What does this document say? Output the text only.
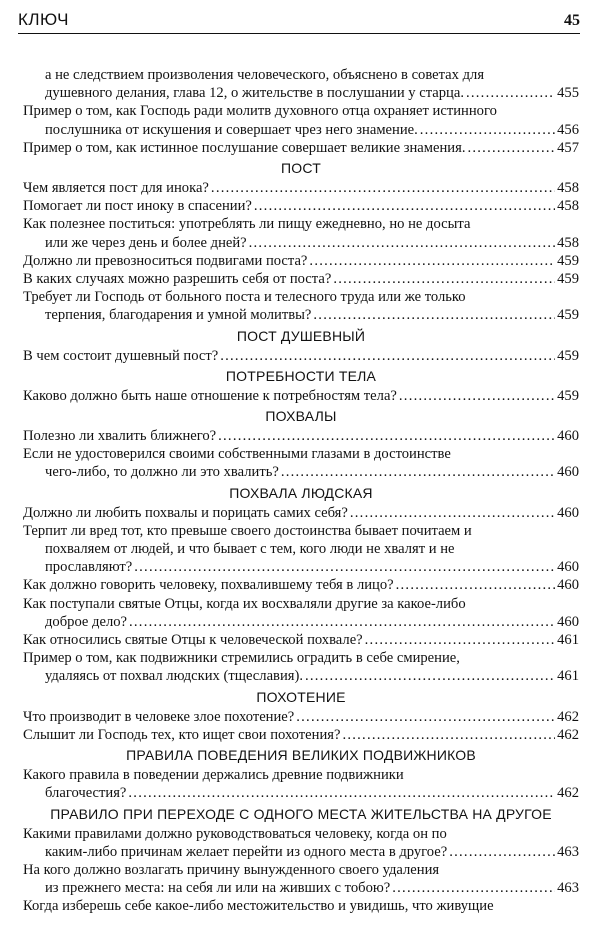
КЛЮЧ	45
а не следствием произволения человеческого, объяснено в советах для
душевного делания, глава 12, о жительстве в послушании у старца. . . .	455
Пример о том, как Господь ради молитв духовного отца охраняет истинного
послушника от искушения и совершает чрез него знамение. . . .	456
Пример о том, как истинное послушание совершает великие знамения. . . .	457
ПОСТ
Чем является пост для инока? . . .	458
Помогает ли пост иноку в спасении? . . .	458
Как полезнее поститься: употреблять ли пищу ежедневно, но не досыта
или же через день и более дней? . . .	458
Должно ли превозноситься подвигами поста? . . .	459
В каких случаях можно разрешить себя от поста? . . .	459
Требует ли Господь от больного поста и телесного труда или же только
терпения, благодарения и умной молитвы? . . .	459
ПОСТ ДУШЕВНЫЙ
В чем состоит душевный пост? . . .	459
ПОТРЕБНОСТИ ТЕЛА
Каково должно быть наше отношение к потребностям тела? . . .	459
ПОХВАЛЫ
Полезно ли хвалить ближнего? . . .	460
Если не удостоверился своими собственными глазами в достоинстве
чего-либо, то должно ли это хвалить? . . .	460
ПОХВАЛА ЛЮДСКАЯ
Должно ли любить похвалы и порицать самих себя? . . .	460
Терпит ли вред тот, кто превыше своего достоинства бывает почитаем и
похваляем от людей, и что бывает с тем, кого люди не хвалят и не
прославляют? . . .	460
Как должно говорить человеку, похвалившему тебя в лицо? . . .	460
Как поступали святые Отцы, когда их восхваляли другие за какое-либо
доброе дело? . . .	460
Как относились святые Отцы к человеческой похвале? . . .	461
Пример о том, как подвижники стремились оградить в себе смирение,
удаляясь от похвал людских (тщеславия). . . .	461
ПОХОТЕНИЕ
Что производит в человеке злое похотение? . . .	462
Слышит ли Господь тех, кто ищет свои похотения? . . .	462
ПРАВИЛА ПОВЕДЕНИЯ ВЕЛИКИХ ПОДВИЖНИКОВ
Какого правила в поведении держались древние подвижники
благочестия? . . .	462
ПРАВИЛО ПРИ ПЕРЕХОДЕ С ОДНОГО МЕСТА ЖИТЕЛЬСТВА НА ДРУГОЕ
Какими правилами должно руководствоваться человеку, когда он по
каким-либо причинам желает перейти из одного места в другое? . . .	463
На кого должно возлагать причину вынужденного своего удаления
из прежнего места: на себя ли или на живших с тобою? . . .	463
Когда изберешь себе какое-либо местожительство и увидишь, что живущие
